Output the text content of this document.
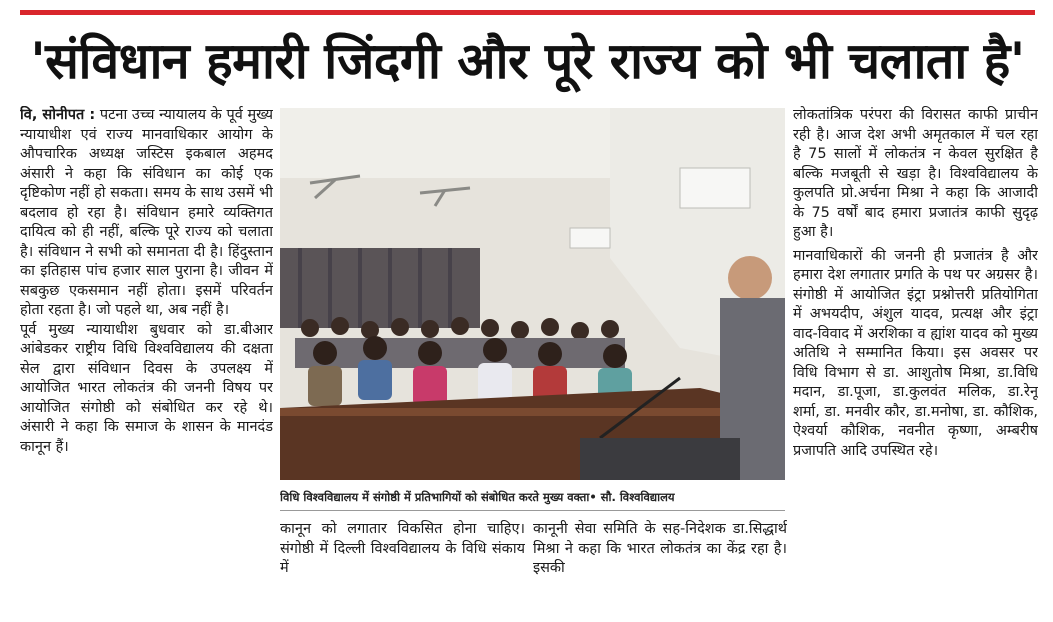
'संविधान हमारी जिंदगी और पूरे राज्य को भी चलाता है'

वि, सोनीपत : पटना उच्च न्यायालय के पूर्व मुख्य न्यायाधीश एवं राज्य मानवाधिकार आयोग के औपचारिक अध्यक्ष जस्टिस इकबाल अहमद अंसारी ने कहा कि संविधान का कोई एक दृष्टिकोण नहीं हो सकता। समय के साथ उसमें भी बदलाव हो रहा है। संविधान हमारे व्यक्तिगत दायित्व को ही नहीं, बल्कि पूरे राज्य को चलाता है। संविधान ने सभी को समानता दी है। हिंदुस्तान का इतिहास पांच हजार साल पुराना है। जीवन में सबकुछ एकसमान नहीं होता। इसमें परिवर्तन होता रहता है। जो पहले था, अब नहीं है।

पूर्व मुख्य न्यायाधीश बुधवार को डा.बीआर आंबेडकर राष्ट्रीय विधि विश्वविद्यालय की दक्षता सेल द्वारा संविधान दिवस के उपलक्ष्य में आयोजित भारत लोकतंत्र की जननी विषय पर आयोजित संगोष्ठी को संबोधित कर रहे थे। अंसारी ने कहा कि समाज के शासन के मानदंड कानून हैं।

विधि विश्वविद्यालय में संगोष्ठी में प्रतिभागियों को संबोधित करते मुख्य वक्ता• सौ. विश्वविद्यालय

कानून को लगातार विकसित होना चाहिए। संगोष्ठी में दिल्ली विश्वविद्यालय के विधि संकाय में

कानूनी सेवा समिति के सह-निदेशक डा.सिद्धार्थ मिश्रा ने कहा कि भारत लोकतंत्र का केंद्र रहा है। इसकी

लोकतांत्रिक परंपरा की विरासत काफी प्राचीन रही है। आज देश अभी अमृतकाल में चल रहा है 75 सालों में लोकतंत्र न केवल सुरक्षित है बल्कि मजबूती से खड़ा है। विश्वविद्यालय के कुलपति प्रो.अर्चना मिश्रा ने कहा कि आजादी के 75 वर्षों बाद हमारा प्रजातंत्र काफी सुदृढ़ हुआ है।

मानवाधिकारों की जननी ही प्रजातंत्र है और हमारा देश लगातार प्रगति के पथ पर अग्रसर है। संगोष्ठी में आयोजित इंट्रा प्रश्नोत्तरी प्रतियोगिता में अभयदीप, अंशुल यादव, प्रत्यक्ष और इंट्रा वाद-विवाद में अरशिका व ह्यांश यादव को मुख्य अतिथि ने सम्मानित किया। इस अवसर पर विधि विभाग से डा. आशुतोष मिश्रा, डा.विधि मदान, डा.पूजा, डा.कुलवंत मलिक, डा.रेनू शर्मा, डा. मनवीर कौर, डा.मनोषा, डा. कौशिक, ऐश्वर्या कौशिक, नवनीत कृष्णा, अम्बरीष प्रजापति आदि उपस्थित रहे।
